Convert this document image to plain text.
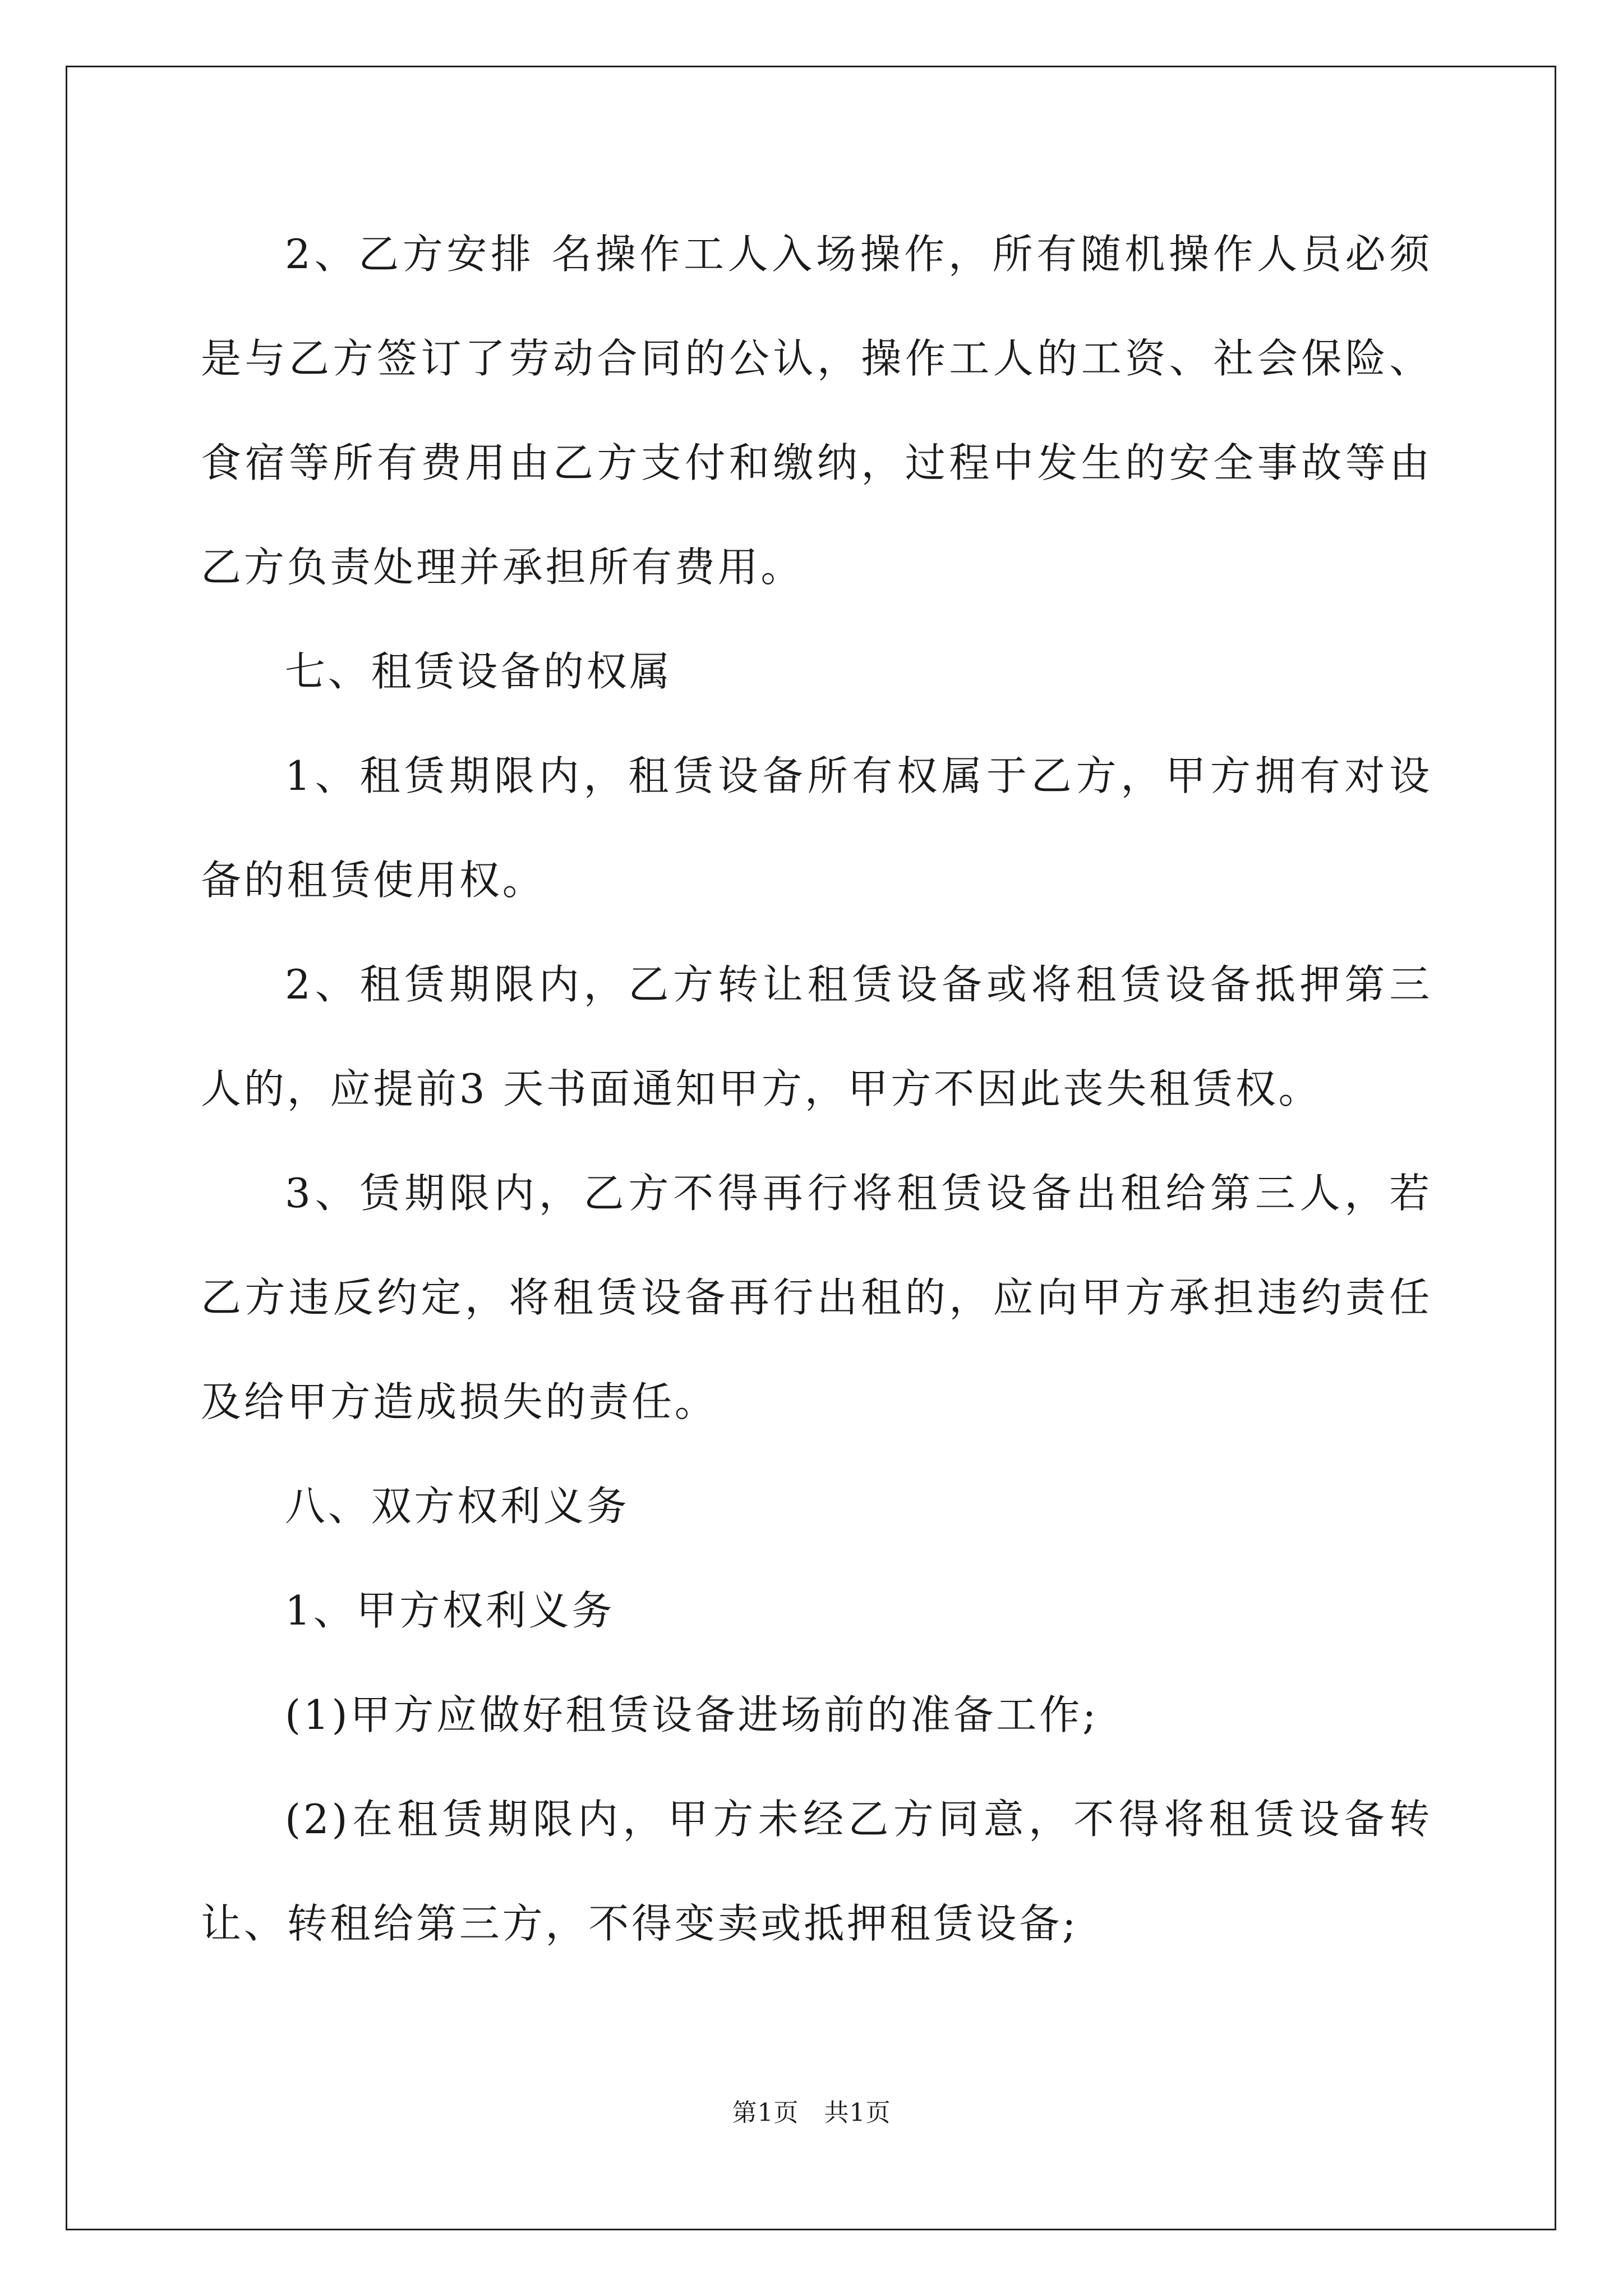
2、乙方安排 名操作工人入场操作，所有随机操作人员必须是与乙方签订了劳动合同的公认，操作工人的工资、社会保险、食宿等所有费用由乙方支付和缴纳，过程中发生的安全事故等由乙方负责处理并承担所有费用。

七、租赁设备的权属

1、租赁期限内，租赁设备所有权属于乙方，甲方拥有对设备的租赁使用权。

2、租赁期限内，乙方转让租赁设备或将租赁设备抵押第三人的，应提前3 天书面通知甲方，甲方不因此丧失租赁权。

3、赁期限内，乙方不得再行将租赁设备出租给第三人，若乙方违反约定，将租赁设备再行出租的，应向甲方承担违约责任及给甲方造成损失的责任。

八、双方权利义务

1、甲方权利义务

(1)甲方应做好租赁设备进场前的准备工作;

(2)在租赁期限内，甲方未经乙方同意，不得将租赁设备转让、转租给第三方，不得变卖或抵押租赁设备;

第1页 共1页
